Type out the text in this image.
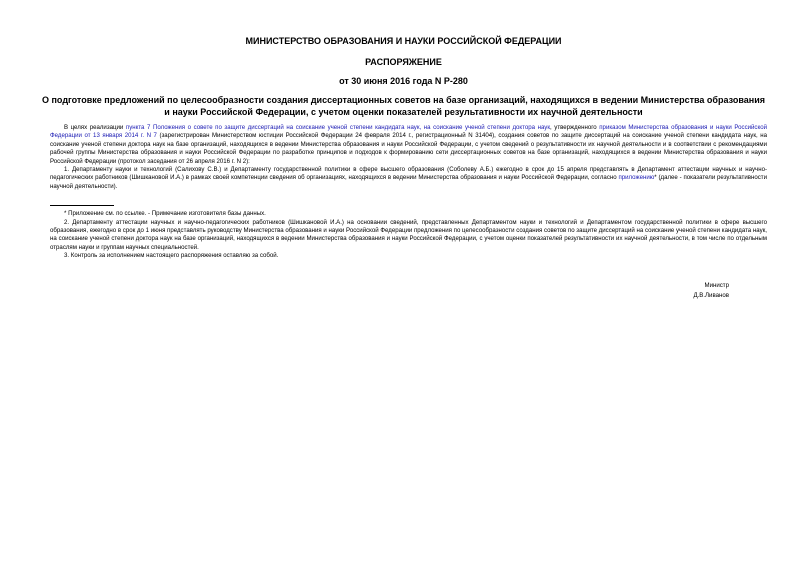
МИНИСТЕРСТВО ОБРАЗОВАНИЯ И НАУКИ РОССИЙСКОЙ ФЕДЕРАЦИИ
РАСПОРЯЖЕНИЕ
от 30 июня 2016 года N Р-280
О подготовке предложений по целесообразности создания диссертационных советов на базе организаций, находящихся в ведении Министерства образования и науки Российской Федерации, с учетом оценки показателей результативности их научной деятельности

В целях реализации пункта 7 Положения о совете по защите диссертаций на соискание ученой степени кандидата наук, на соискание ученой степени доктора наук, утвержденного приказом Министерства образования и науки Российской Федерации от 13 января 2014 г. N 7 (зарегистрирован Министерством юстиции Российской Федерации 24 февраля 2014 г., регистрационный N 31404), создания советов по защите диссертаций на соискание ученой степени кандидата наук, на соискание ученой степени доктора наук на базе организаций, находящихся в ведении Министерства образования и науки Российской Федерации, с учетом сведений о результативности их научной деятельности и в соответствии с рекомендациями рабочей группы Министерства образования и науки Российской Федерации по разработке принципов и подходов к формированию сети диссертационных советов на базе организаций, находящихся в ведении Министерства образования и науки Российской Федерации (протокол заседания от 26 апреля 2016 г. N 2):

1. Департаменту науки и технологий (Салихову С.В.) и Департаменту государственной политики в сфере высшего образования (Соболеву А.Б.) ежегодно в срок до 15 апреля представлять в Департамент аттестации научных и научно-педагогических работников (Шишкановой И.А.) в рамках своей компетенции сведения об организациях, находящихся в ведении Министерства образования и науки Российской Федерации, согласно приложению* (далее - показатели результативности научной деятельности).

* Приложение см. по ссылке. - Примечание изготовителя базы данных.

2. Департаменту аттестации научных и научно-педагогических работников (Шишкановой И.А.) на основании сведений, представленных Департаментом науки и технологий и Департаментом государственной политики в сфере высшего образования, ежегодно в срок до 1 июня представлять руководству Министерства образования и науки Российской Федерации предложения по целесообразности создания советов по защите диссертаций на соискание ученой степени кандидата наук, на соискание ученой степени доктора наук на базе организаций, находящихся в ведении Министерства образования и науки Российской Федерации, с учетом оценки показателей результативности их научной деятельности, в том числе по отдельным отраслям науки и группам научных специальностей.

3. Контроль за исполнением настоящего распоряжения оставляю за собой.

Министр
Д.В.Ливанов
